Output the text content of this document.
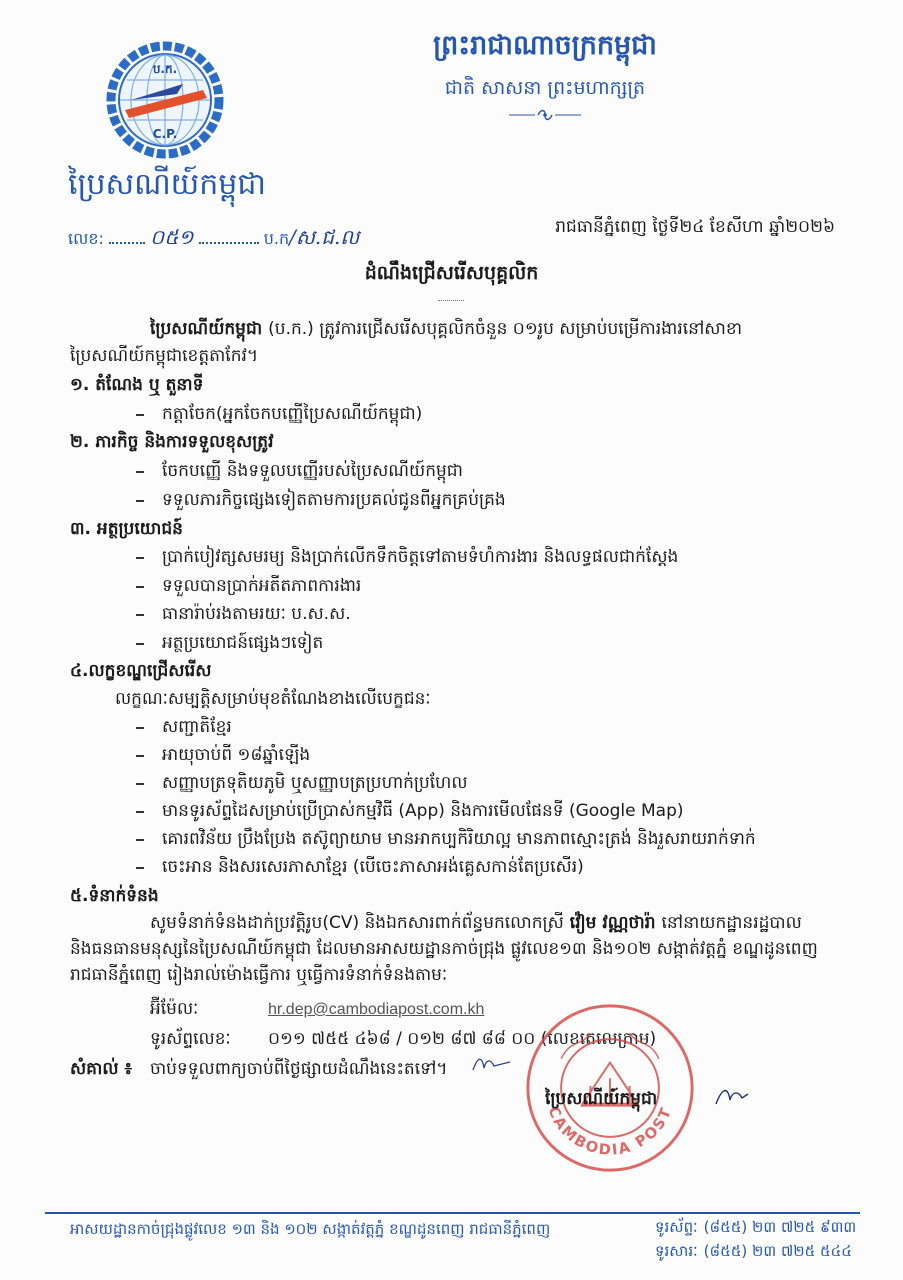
ប.ក.
C.P.
ព្រះរាជាណាចក្រកម្ពុជា
ជាតិ សាសនា ព្រះមហាក្សត្រ
ប្រៃសណីយ៍កម្ពុជា
លេខ: ០៥១	ប.ក/ស.ជ.ល	រាជធានីភ្នំពេញ ថ្ងៃទី២៤ ខែសីហា ឆ្នាំ២០២៦
ដំណឹងជ្រើសរើសបុគ្គលិក
ប្រៃសណីយ៍កម្ពុជា (ប.ក.) ត្រូវការជ្រើសរើសបុគ្គលិកចំនួន ០១រូប សម្រាប់បម្រើការងារនៅសាខា
ប្រៃសណីយ៍កម្ពុជាខេត្តតាកែវ។
១. តំណែង ឬ តួនាទី
កត្តាចែក(អ្នកចែកបញ្ញើប្រៃសណីយ៍កម្ពុជា)
២. ភារកិច្ច និងការទទួលខុសត្រូវ
ចែកបញ្ញើ និងទទួលបញ្ញើរបស់ប្រៃសណីយ៍កម្ពុជា
ទទួលភារកិច្ចផ្សេងទៀតតាមការប្រគល់ជូនពីអ្នកគ្រប់គ្រង
៣. អត្ថប្រយោជន៍
ប្រាក់បៀវត្សសមរម្យ និងប្រាក់លើកទឹកចិត្តទៅតាមទំហំការងារ និងលទ្ធផលជាក់ស្តែង
ទទួលបានប្រាក់អតីតភាពការងារ
ធានារ៉ាប់រងតាមរយៈ ប.ស.ស.
អត្ថប្រយោជន៍ផ្សេងៗទៀត
៤.លក្ខខណ្ឌជ្រើសរើស
លក្ខណៈសម្បត្តិសម្រាប់មុខតំណែងខាងលើបេក្ខជនៈ
សញ្ជាតិខ្មែរ
អាយុចាប់ពី ១៨ឆ្នាំឡើង
សញ្ញាបត្រទុតិយភូមិ ឬសញ្ញាបត្រប្រហាក់ប្រហែល
មានទូរស័ព្ទដៃសម្រាប់ប្រើប្រាស់កម្មវិធី (App) និងការមើលផែនទី (Google Map)
គោរពវិន័យ ប្រឹងប្រែង តស៊ូព្យាយាម មានអាកប្បកិរិយាល្អ មានភាពស្មោះត្រង់ និងរួសរាយរាក់ទាក់
ចេះអាន និងសរសេរភាសាខ្មែរ (បើចេះភាសាអង់គ្លេសកាន់តែប្រសើរ)
៥.ទំនាក់ទំនង
សូមទំនាក់ទំនងដាក់ប្រវត្តិរូប(CV) និងឯកសារពាក់ព័ន្ធមកលោកស្រី វ៉ៀម វណ្ណថារ៉ា នៅនាយកដ្ឋានរដ្ឋបាល
និងធនធានមនុស្សនៃប្រៃសណីយ៍កម្ពុជា ដែលមានអាសយដ្ឋានកាច់ជ្រុង ផ្លូវលេខ១៣ និង១០២ សង្កាត់វត្តភ្នំ ខណ្ឌដូនពេញ
រាជធានីភ្នំពេញ រៀងរាល់ម៉ោងធ្វើការ ឬធ្វើការទំនាក់ទំនងតាមៈ
អ៊ីម៉ែលៈ	hr.dep@cambodiapost.com.kh
ទូរស័ព្ទលេខៈ	០១១ ៧៥៥ ៤៦៨ / ០១២ ៨៧ ៨៨ ០០ (លេខតេលេក្រាម)
សំគាល់ ៖	ចាប់ទទួលពាក្យចាប់ពីថ្ងៃផ្សាយដំណឹងនេះតទៅ។
CAMBODIA POST
ប្រៃសណីយ៍កម្ពុជា
អាសយដ្ឋានកាច់ជ្រុងផ្លូវលេខ ១៣ និង ១០២ សង្កាត់វត្តភ្នំ ខណ្ឌដូនពេញ រាជធានីភ្នំពេញ	ទូរស័ព្ទៈ (៨៥៥) ២៣ ៧២៥ ៩៣៣
ទូរសារៈ (៨៥៥) ២៣ ៧២៥ ៥៤៤
